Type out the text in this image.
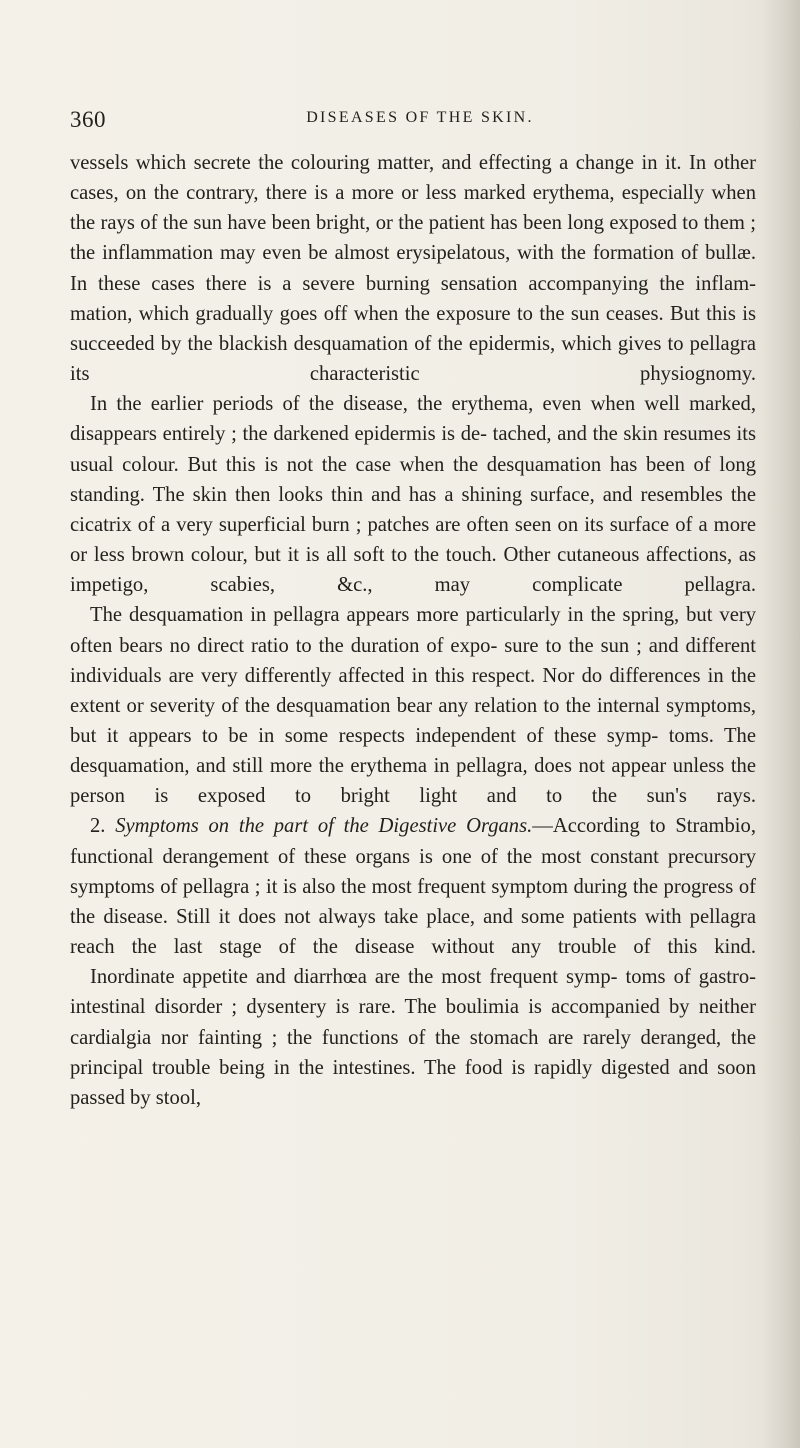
360	DISEASES OF THE SKIN.

vessels which secrete the colouring matter, and effecting a change in it. In other cases, on the contrary, there is a more or less marked erythema, especially when the rays of the sun have been bright, or the patient has been long exposed to them ; the inflammation may even be almost erysipelatous, with the formation of bullæ. In these cases there is a severe burning sensation accompanying the inflam- mation, which gradually goes off when the exposure to the sun ceases. But this is succeeded by the blackish desquamation of the epidermis, which gives to pellagra its characteristic physiognomy.

In the earlier periods of the disease, the erythema, even when well marked, disappears entirely ; the darkened epidermis is de- tached, and the skin resumes its usual colour. But this is not the case when the desquamation has been of long standing. The skin then looks thin and has a shining surface, and resembles the cicatrix of a very superficial burn ; patches are often seen on its surface of a more or less brown colour, but it is all soft to the touch. Other cutaneous affections, as impetigo, scabies, &c., may complicate pellagra.

The desquamation in pellagra appears more particularly in the spring, but very often bears no direct ratio to the duration of expo- sure to the sun ; and different individuals are very differently affected in this respect. Nor do differences in the extent or severity of the desquamation bear any relation to the internal symptoms, but it appears to be in some respects independent of these symp- toms. The desquamation, and still more the erythema in pellagra, does not appear unless the person is exposed to bright light and to the sun's rays.

2. Symptoms on the part of the Digestive Organs.—According to Strambio, functional derangement of these organs is one of the most constant precursory symptoms of pellagra ; it is also the most frequent symptom during the progress of the disease. Still it does not always take place, and some patients with pellagra reach the last stage of the disease without any trouble of this kind.

Inordinate appetite and diarrhœa are the most frequent symp- toms of gastro-intestinal disorder ; dysentery is rare. The boulimia is accompanied by neither cardialgia nor fainting ; the functions of the stomach are rarely deranged, the principal trouble being in the intestines. The food is rapidly digested and soon passed by stool,
